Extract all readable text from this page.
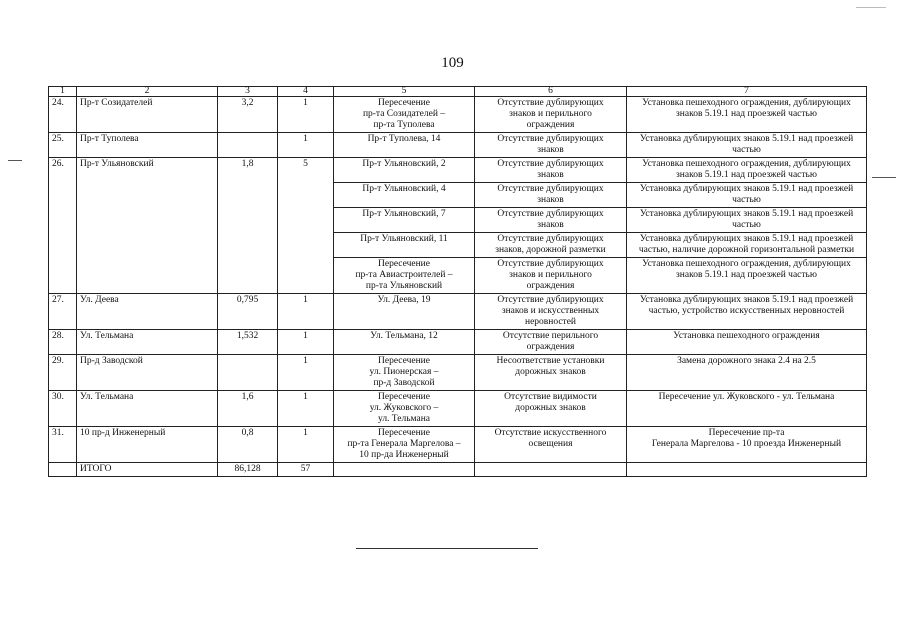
109
1	2	3	4	5	6	7
24.	Пр-т Созидателей	3,2	1	Пересечение
пр-та Созидателей –
пр-та Туполева	Отсутствие дублирующих
знаков и перильного
ограждения	Установка пешеходного ограждения, дублирующих
знаков 5.19.1 над проезжей частью
25.	Пр-т Туполева		1	Пр-т Туполева, 14	Отсутствие дублирующих
знаков	Установка дублирующих знаков 5.19.1 над проезжей
частью
26.	Пр-т Ульяновский	1,8	5	Пр-т Ульяновский, 2	Отсутствие дублирующих
знаков	Установка пешеходного ограждения, дублирующих
знаков 5.19.1 над проезжей частью
				Пр-т Ульяновский, 4	Отсутствие дублирующих
знаков	Установка дублирующих знаков 5.19.1 над проезжей
частью
				Пр-т Ульяновский, 7	Отсутствие дублирующих
знаков	Установка дублирующих знаков 5.19.1 над проезжей
частью
				Пр-т Ульяновский, 11	Отсутствие дублирующих
знаков, дорожной разметки	Установка дублирующих знаков 5.19.1 над проезжей
частью, наличие дорожной горизонтальной разметки
				Пересечение
пр-та Авиастроителей –
пр-та Ульяновский	Отсутствие дублирующих
знаков и перильного
ограждения	Установка пешеходного ограждения, дублирующих
знаков 5.19.1 над проезжей частью
27.	Ул. Деева	0,795	1	Ул. Деева, 19	Отсутствие дублирующих
знаков и искусственных
неровностей	Установка дублирующих знаков 5.19.1 над проезжей
частью, устройство искусственных неровностей
28.	Ул. Тельмана	1,532	1	Ул. Тельмана, 12	Отсутствие перильного
ограждения	Установка пешеходного ограждения
29.	Пр-д Заводской		1	Пересечение
ул. Пионерская –
пр-д Заводской	Несоответствие установки
дорожных знаков	Замена дорожного знака 2.4 на 2.5
30.	Ул. Тельмана	1,6	1	Пересечение
ул. Жуковского –
ул. Тельмана	Отсутствие видимости
дорожных знаков	Пересечение ул. Жуковского - ул. Тельмана
31.	10 пр-д Инженерный	0,8	1	Пересечение
пр-та Генерала Маргелова –
10 пр-да Инженерный	Отсутствие искусственного
освещения	Пересечение пр-та
Генерала Маргелова - 10 проезда Инженерный
	ИТОГО	86,128	57			
